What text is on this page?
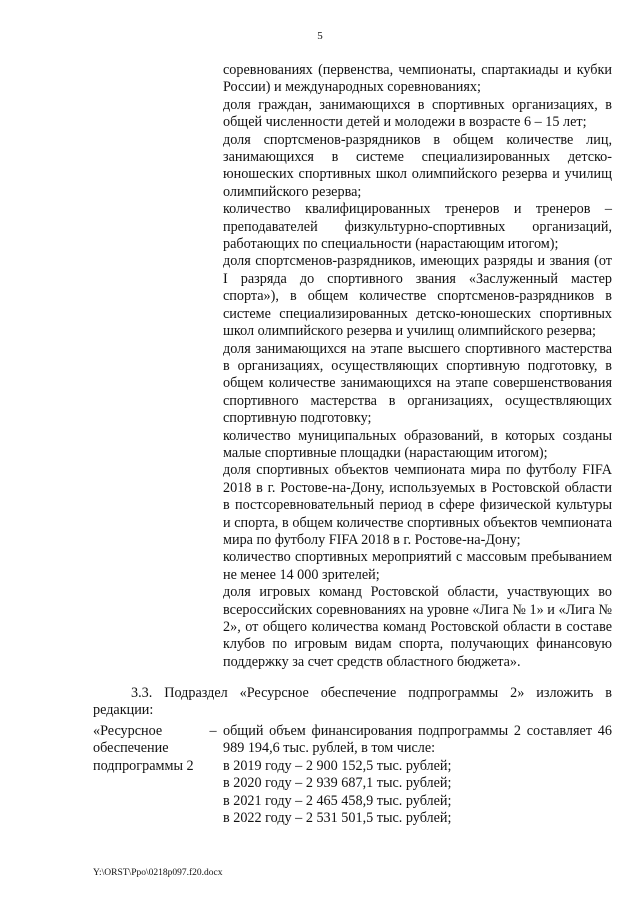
5

соревнованиях (первенства, чемпионаты, спартакиады и кубки России) и международных соревнованиях;

доля граждан, занимающихся в спортивных организациях, в общей численности детей и молодежи в возрасте 6 – 15 лет;

доля спортсменов-разрядников в общем количестве лиц, занимающихся в системе специализированных детско-юношеских спортивных школ олимпийского резерва и училищ олимпийского резерва;

количество квалифицированных тренеров и тренеров – преподавателей физкультурно-спортивных организаций, работающих по специальности (нарастающим итогом);

доля спортсменов-разрядников, имеющих разряды и звания (от I разряда до спортивного звания «Заслуженный мастер спорта»), в общем количестве спортсменов-разрядников в системе специализированных детско-юношеских спортивных школ олимпийского резерва и училищ олимпийского резерва;

доля занимающихся на этапе высшего спортивного мастерства в организациях, осуществляющих спортивную подготовку, в общем количестве занимающихся на этапе совершенствования спортивного мастерства в организациях, осуществляющих спортивную подготовку;

количество муниципальных образований, в которых созданы малые спортивные площадки (нарастающим итогом);

доля спортивных объектов чемпионата мира по футболу FIFA 2018 в г. Ростове-на-Дону, используемых в Ростовской области в постсоревновательный период в сфере физической культуры и спорта, в общем количестве спортивных объектов чемпионата мира по футболу FIFA 2018 в г. Ростове-на-Дону;

количество спортивных мероприятий с массовым пребыванием не менее 14 000 зрителей;

доля игровых команд Ростовской области, участвующих во всероссийских соревнованиях на уровне «Лига № 1» и «Лига № 2», от общего количества команд Ростовской области в составе клубов по игровым видам спорта, получающих финансовую поддержку за счет средств областного бюджета».

3.3. Подраздел «Ресурсное обеспечение подпрограммы 2» изложить в редакции:

«Ресурсное обеспечение подпрограммы 2
– общий объем финансирования подпрограммы 2 составляет 46 989 194,6 тыс. рублей, в том числе:

в 2019 году – 2 900 152,5 тыс. рублей;

в 2020 году – 2 939 687,1 тыс. рублей;

в 2021 году – 2 465 458,9 тыс. рублей;

в 2022 году – 2 531 501,5 тыс. рублей;

Y:\ORST\Ppo\0218p097.f20.docx
